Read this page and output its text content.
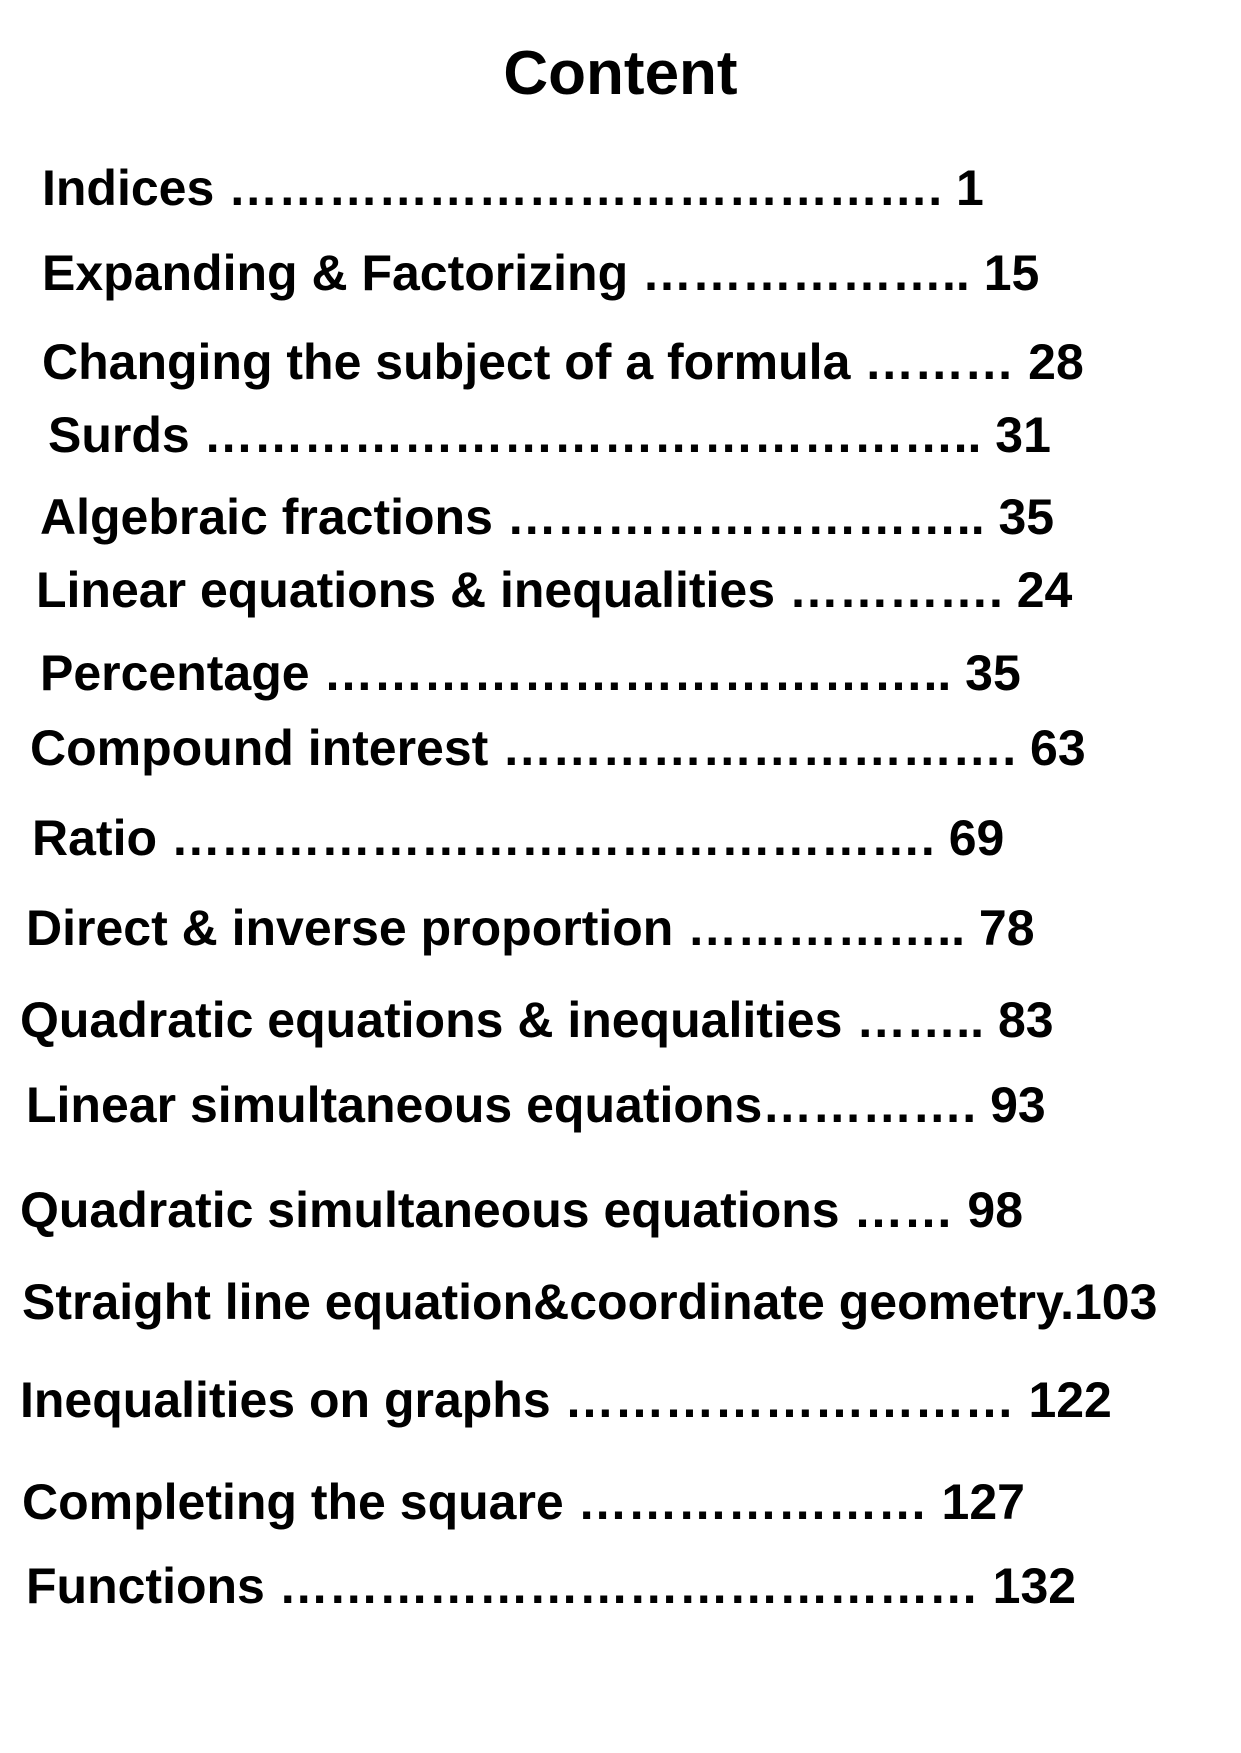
Content
Indices ……………………………………. 1
Expanding & Factorizing ……………….. 15
Changing the subject of a formula ……… 28
Surds ……………………………………….. 31
Algebraic fractions ……………………….. 35
Linear equations & inequalities …………. 24
Percentage ……………………………….. 35
Compound interest …………………………. 63
Ratio ………………………………………. 69
Direct & inverse proportion …………….. 78
Quadratic equations & inequalities …….. 83
Linear simultaneous equations…………. 93
Quadratic simultaneous equations …… 98
Straight line equation&coordinate geometry.103
Inequalities on graphs ……………………… 122
Completing the square ………………… 127
Functions …………………………………… 132
